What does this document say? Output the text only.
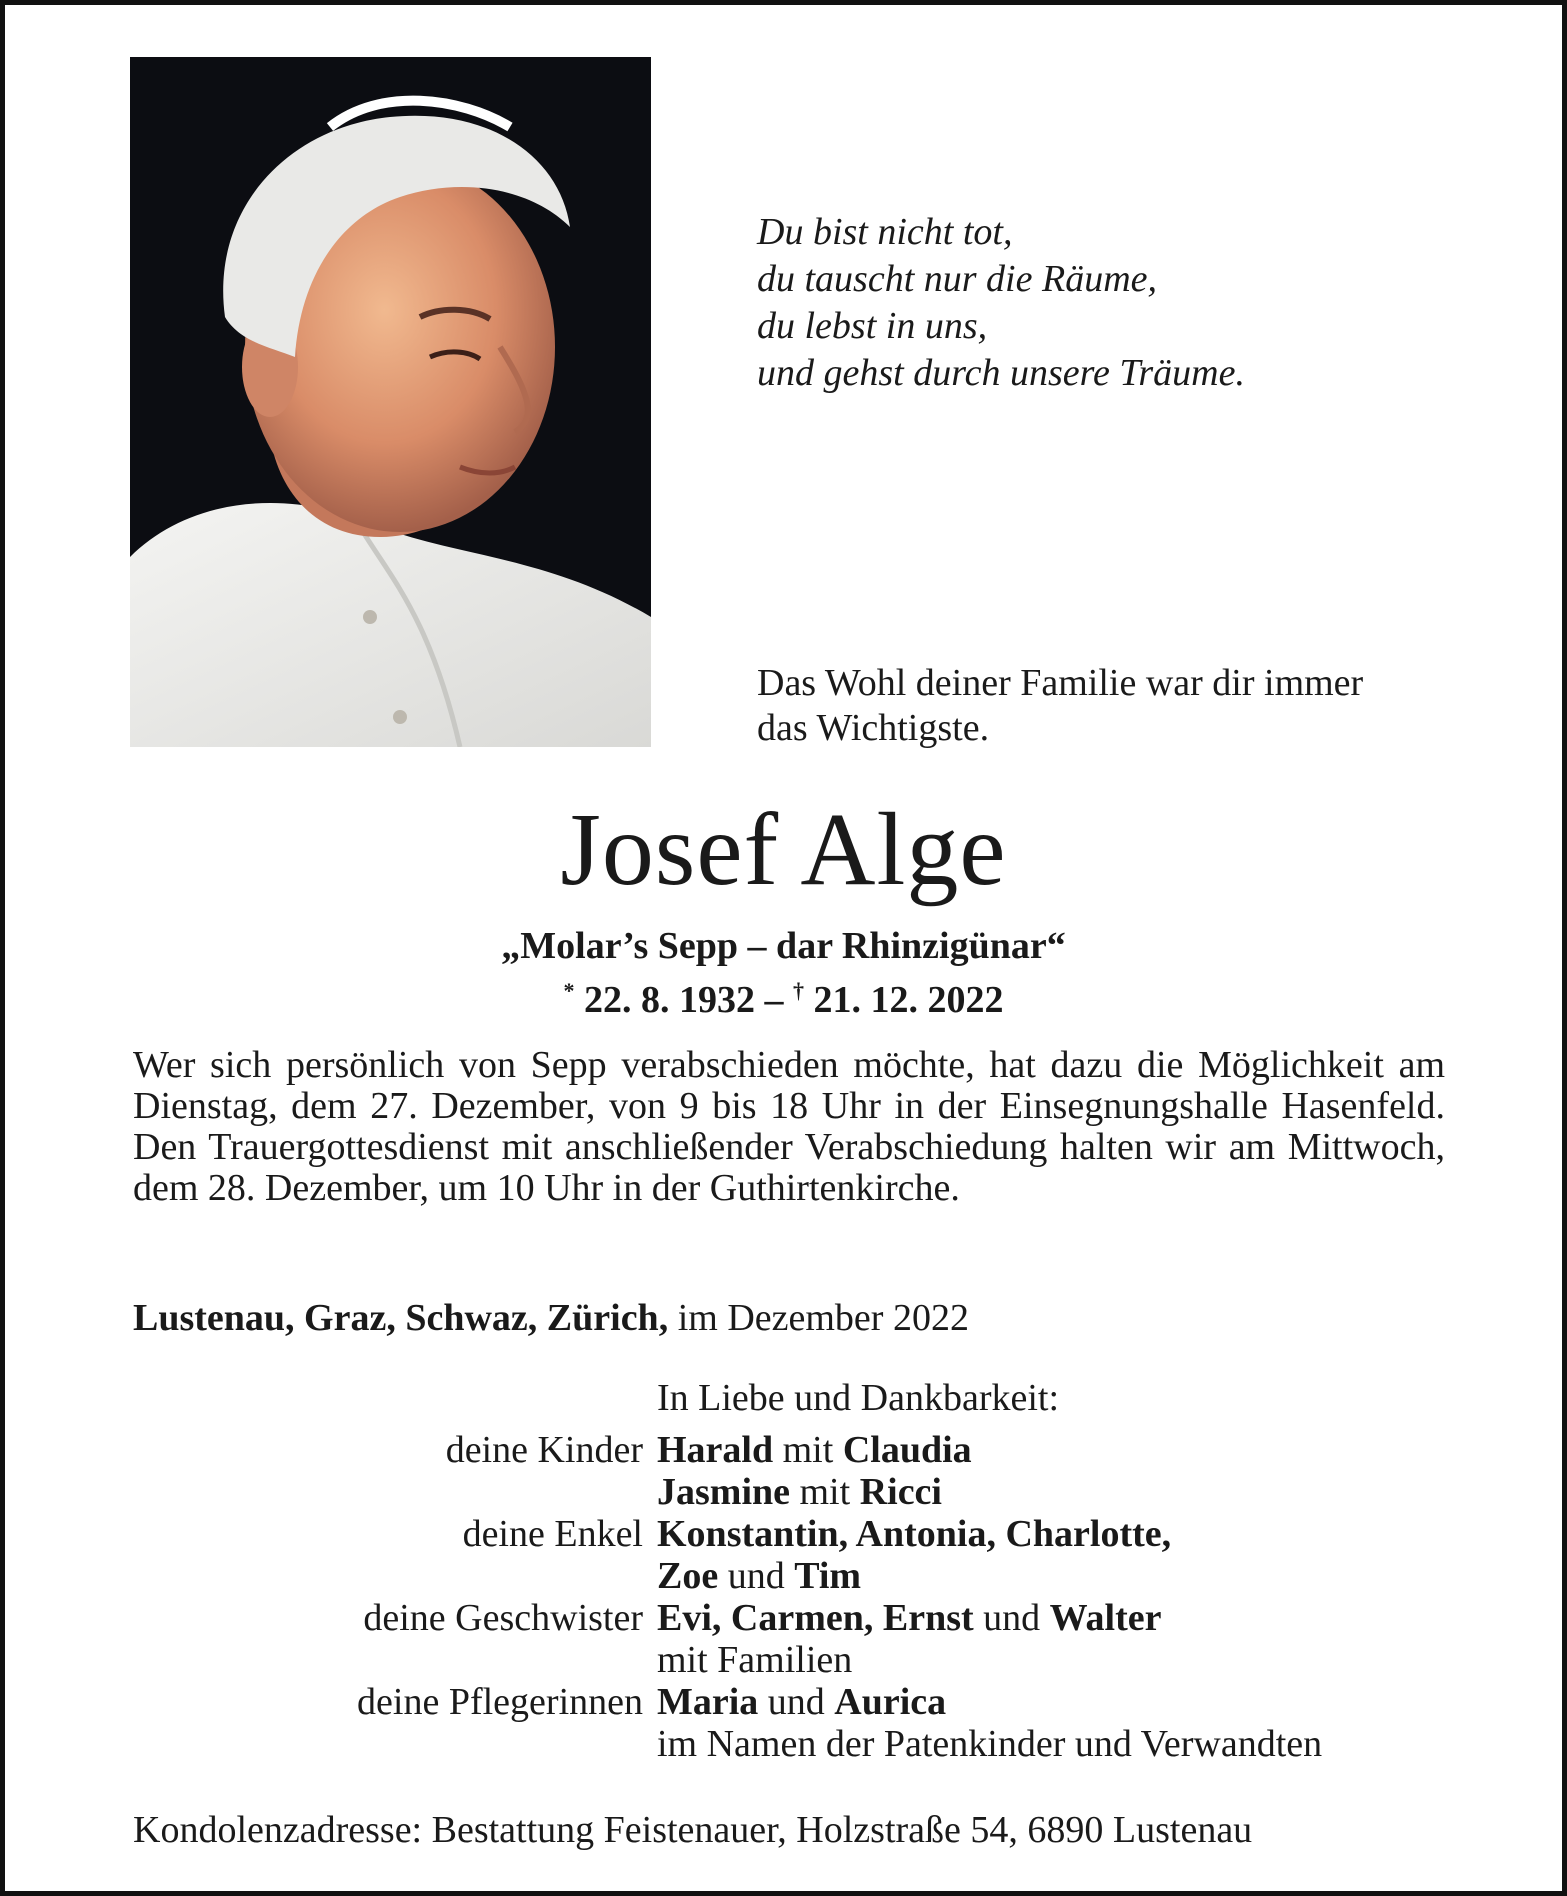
Du bist nicht tot,
du tauscht nur die Räume,
du lebst in uns,
und gehst durch unsere Träume.
Das Wohl deiner Familie war dir immer
das Wichtigste.
Josef Alge
„Molar’s Sepp – dar Rhinzigünar“
* 22. 8. 1932 – † 21. 12. 2022
Wer sich persönlich von Sepp verabschieden möchte, hat dazu die Möglichkeit am Dienstag, dem 27. Dezember, von 9 bis 18 Uhr in der Einsegnungshalle Hasenfeld. Den Trauergottesdienst mit anschließender Verabschiedung halten wir am Mittwoch, dem 28. Dezember, um 10 Uhr in der Guthirtenkirche.
Lustenau, Graz, Schwaz, Zürich, im Dezember 2022
In Liebe und Dankbarkeit:
deine Kinder Harald mit Claudia
Jasmine mit Ricci
deine Enkel Konstantin, Antonia, Charlotte,
Zoe und Tim
deine Geschwister Evi, Carmen, Ernst und Walter
mit Familien
deine Pflegerinnen Maria und Aurica
im Namen der Patenkinder und Verwandten
Kondolenzadresse: Bestattung Feistenauer, Holzstraße 54, 6890 Lustenau
